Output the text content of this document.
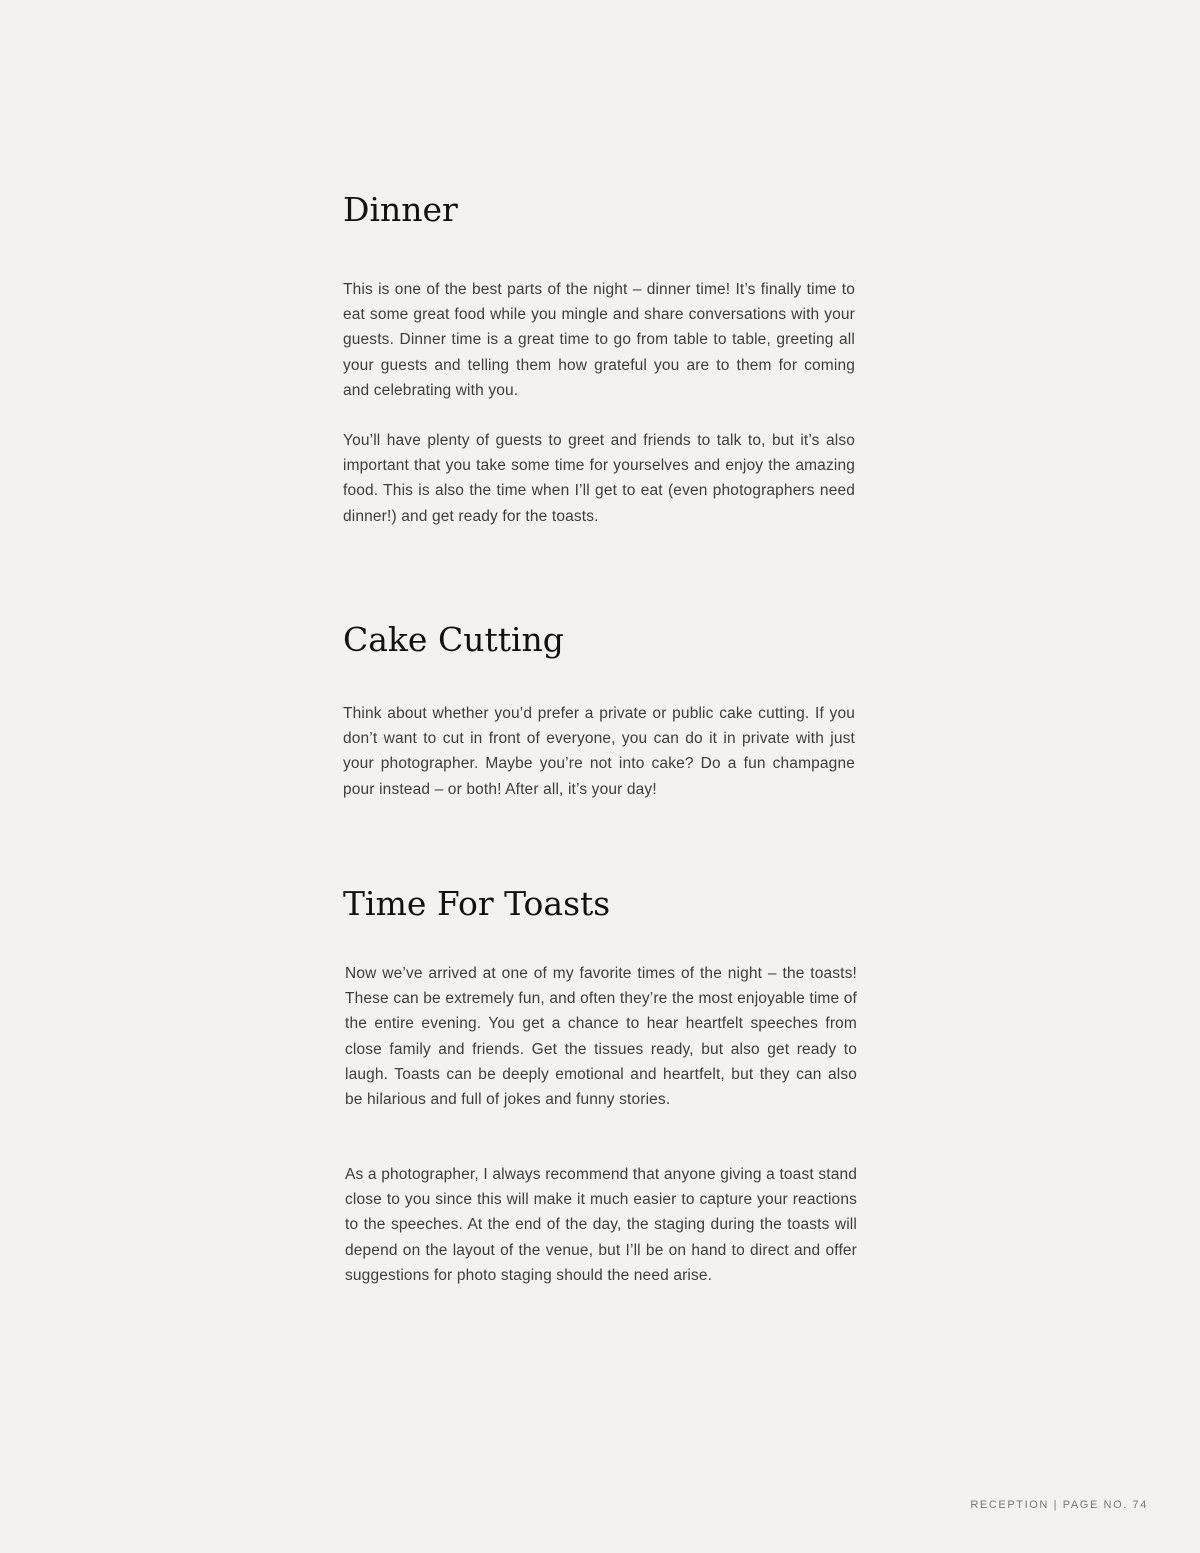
Dinner

This is one of the best parts of the night – dinner time! It’s finally time to eat some great food while you mingle and share conversations with your guests. Dinner time is a great time to go from table to table, greeting all your guests and telling them how grateful you are to them for coming and celebrating with you.

You’ll have plenty of guests to greet and friends to talk to, but it’s also important that you take some time for yourselves and enjoy the amazing food. This is also the time when I’ll get to eat (even photographers need dinner!) and get ready for the toasts.

Cake Cutting

Think about whether you’d prefer a private or public cake cutting. If you don’t want to cut in front of everyone, you can do it in private with just your photographer. Maybe you’re not into cake? Do a fun champagne pour instead – or both! After all, it’s your day!

Time For Toasts

Now we’ve arrived at one of my favorite times of the night – the toasts! These can be extremely fun, and often they’re the most enjoyable time of the entire evening. You get a chance to hear heartfelt speeches from close family and friends. Get the tissues ready, but also get ready to laugh. Toasts can be deeply emotional and heartfelt, but they can also be hilarious and full of jokes and funny stories.

As a photographer, I always recommend that anyone giving a toast stand close to you since this will make it much easier to capture your reactions to the speeches. At the end of the day, the staging during the toasts will depend on the layout of the venue, but I’ll be on hand to direct and offer suggestions for photo staging should the need arise.

RECEPTION | PAGE NO. 74
